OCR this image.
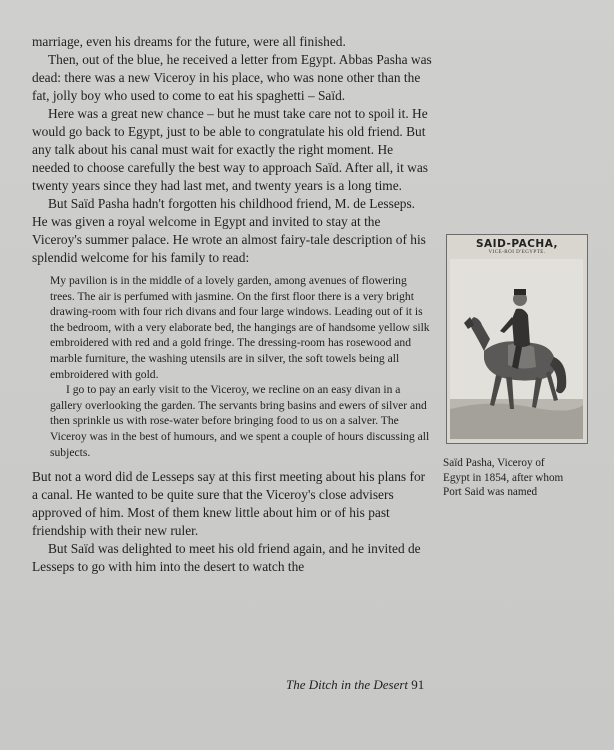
marriage, even his dreams for the future, were all finished.

Then, out of the blue, he received a letter from Egypt. Abbas Pasha was dead: there was a new Viceroy in his place, who was none other than the fat, jolly boy who used to come to eat his spaghetti – Saïd.

Here was a great new chance – but he must take care not to spoil it. He would go back to Egypt, just to be able to congratulate his old friend. But any talk about his canal must wait for exactly the right moment. He needed to choose carefully the best way to approach Saïd. After all, it was twenty years since they had last met, and twenty years is a long time.

But Saïd Pasha hadn't forgotten his childhood friend, M. de Lesseps. He was given a royal welcome in Egypt and invited to stay at the Viceroy's summer palace. He wrote an almost fairy-tale description of his splendid welcome for his family to read:

My pavilion is in the middle of a lovely garden, among avenues of flowering trees. The air is perfumed with jasmine. On the first floor there is a very bright drawing-room with four rich divans and four large windows. Leading out of it is the bedroom, with a very elaborate bed, the hangings are of handsome yellow silk embroidered with red and a gold fringe. The dressing-room has rosewood and marble furniture, the washing utensils are in silver, the soft towels being all embroidered with gold.

I go to pay an early visit to the Viceroy, we recline on an easy divan in a gallery overlooking the garden. The servants bring basins and ewers of silver and then sprinkle us with rose-water before bringing food to us on a salver. The Viceroy was in the best of humours, and we spent a couple of hours discussing all subjects.

But not a word did de Lesseps say at this first meeting about his plans for a canal. He wanted to be quite sure that the Viceroy's close advisers approved of him. Most of them knew little about him or of his past friendship with their new ruler.

But Saïd was delighted to meet his old friend again, and he invited de Lesseps to go with him into the desert to watch the

SAID-PACHA,
VICE-ROI D'EGYPTE.
Saïd Pasha, Viceroy of
Egypt in 1854, after whom
Port Said was named
The Ditch in the Desert 91
